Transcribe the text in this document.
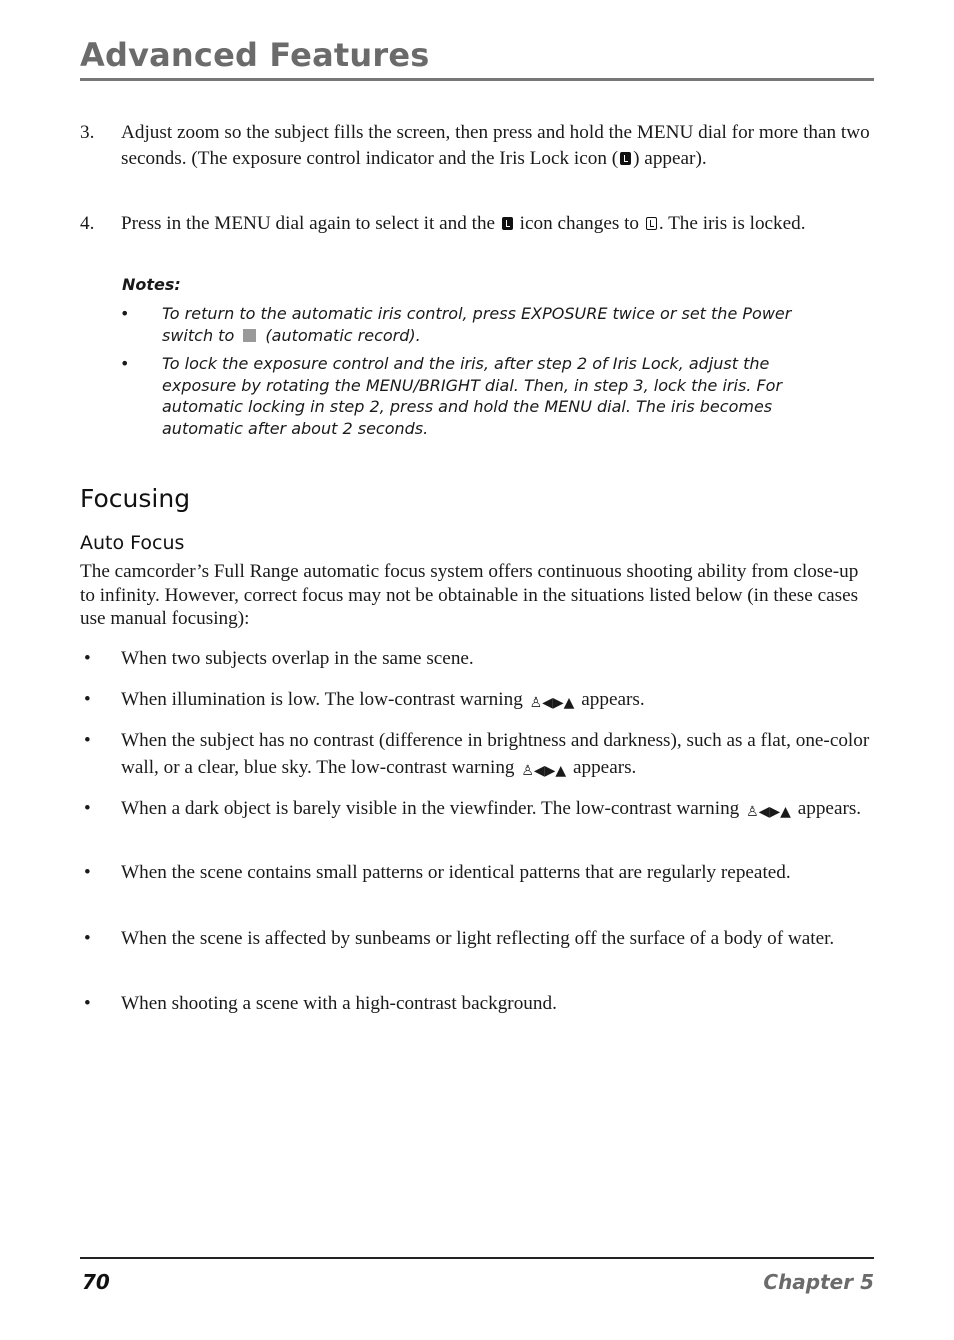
Advanced Features
3. Adjust zoom so the subject fills the screen, then press and hold the MENU dial for more than two seconds. (The exposure control indicator and the Iris Lock icon ( ) appear).
4. Press in the MENU dial again to select it and the  icon changes to . The iris is locked.
Notes:
• To return to the automatic iris control, press EXPOSURE twice or set the Power switch to  (automatic record).
• To lock the exposure control and the iris, after step 2 of Iris Lock, adjust the exposure by rotating the MENU/BRIGHT dial. Then, in step 3, lock the iris. For automatic locking in step 2, press and hold the MENU dial. The iris becomes automatic after about 2 seconds.
Focusing
Auto Focus
The camcorder’s Full Range automatic focus system offers continuous shooting ability from close-up to infinity. However, correct focus may not be obtainable in the situations listed below (in these cases use manual focusing):
• When two subjects overlap in the same scene.
• When illumination is low. The low-contrast warning ♙◀▶▲ appears.
• When the subject has no contrast (difference in brightness and darkness), such as a flat, one-color wall, or a clear, blue sky. The low-contrast warning ♙◀▶▲ appears.
• When a dark object is barely visible in the viewfinder. The low-contrast warning ♙◀▶▲ appears.
• When the scene contains small patterns or identical patterns that are regularly repeated.
• When the scene is affected by sunbeams or light reflecting off the surface of a body of water.
• When shooting a scene with a high-contrast background.
70	Chapter 5
